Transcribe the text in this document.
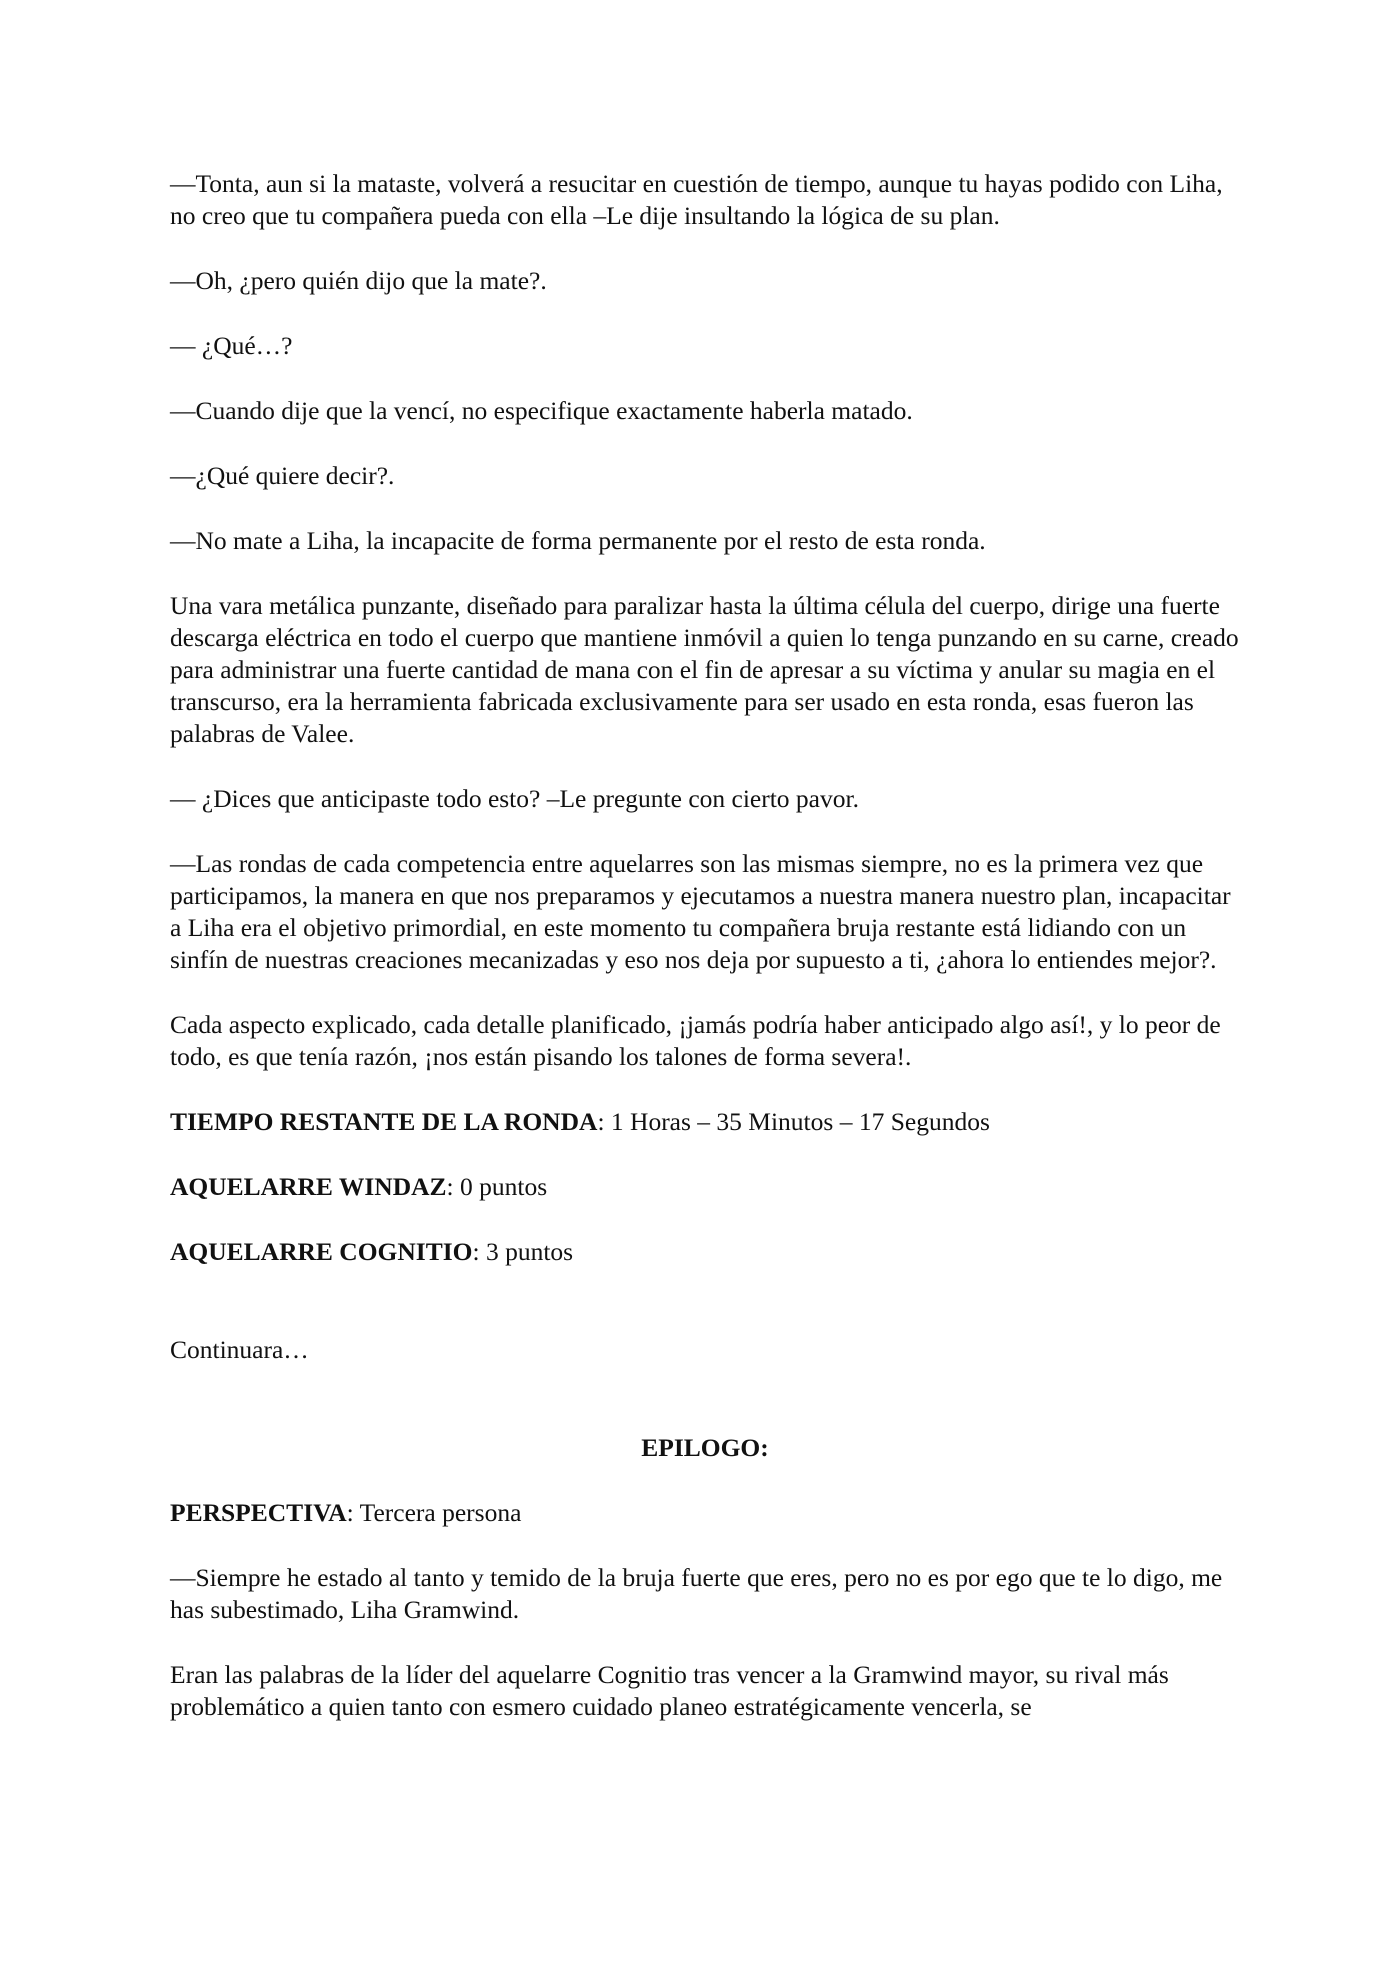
—Tonta, aun si la mataste, volverá a resucitar en cuestión de tiempo, aunque tu hayas podido con Liha, no creo que tu compañera pueda con ella –Le dije insultando la lógica de su plan.

—Oh, ¿pero quién dijo que la mate?.

— ¿Qué…?

—Cuando dije que la vencí, no especifique exactamente haberla matado.

—¿Qué quiere decir?.

—No mate a Liha, la incapacite de forma permanente por el resto de esta ronda.

Una vara metálica punzante, diseñado para paralizar hasta la última célula del cuerpo, dirige una fuerte descarga eléctrica en todo el cuerpo que mantiene inmóvil a quien lo tenga punzando en su carne, creado para administrar una fuerte cantidad de mana con el fin de apresar a su víctima y anular su magia en el transcurso, era la herramienta fabricada exclusivamente para ser usado en esta ronda, esas fueron las palabras de Valee.

— ¿Dices que anticipaste todo esto? –Le pregunte con cierto pavor.

—Las rondas de cada competencia entre aquelarres son las mismas siempre, no es la primera vez que participamos, la manera en que nos preparamos y ejecutamos a nuestra manera nuestro plan, incapacitar a Liha era el objetivo primordial, en este momento tu compañera bruja restante está lidiando con un sinfín de nuestras creaciones mecanizadas y eso nos deja por supuesto a ti, ¿ahora lo entiendes mejor?.

Cada aspecto explicado, cada detalle planificado, ¡jamás podría haber anticipado algo así!, y lo peor de todo, es que tenía razón, ¡nos están pisando los talones de forma severa!.

TIEMPO RESTANTE DE LA RONDA: 1 Horas – 35 Minutos – 17 Segundos

AQUELARRE WINDAZ: 0 puntos

AQUELARRE COGNITIO: 3 puntos

Continuara…

EPILOGO:

PERSPECTIVA: Tercera persona

—Siempre he estado al tanto y temido de la bruja fuerte que eres, pero no es por ego que te lo digo, me has subestimado, Liha Gramwind.

Eran las palabras de la líder del aquelarre Cognitio tras vencer a la Gramwind mayor, su rival más problemático a quien tanto con esmero cuidado planeo estratégicamente vencerla, se
